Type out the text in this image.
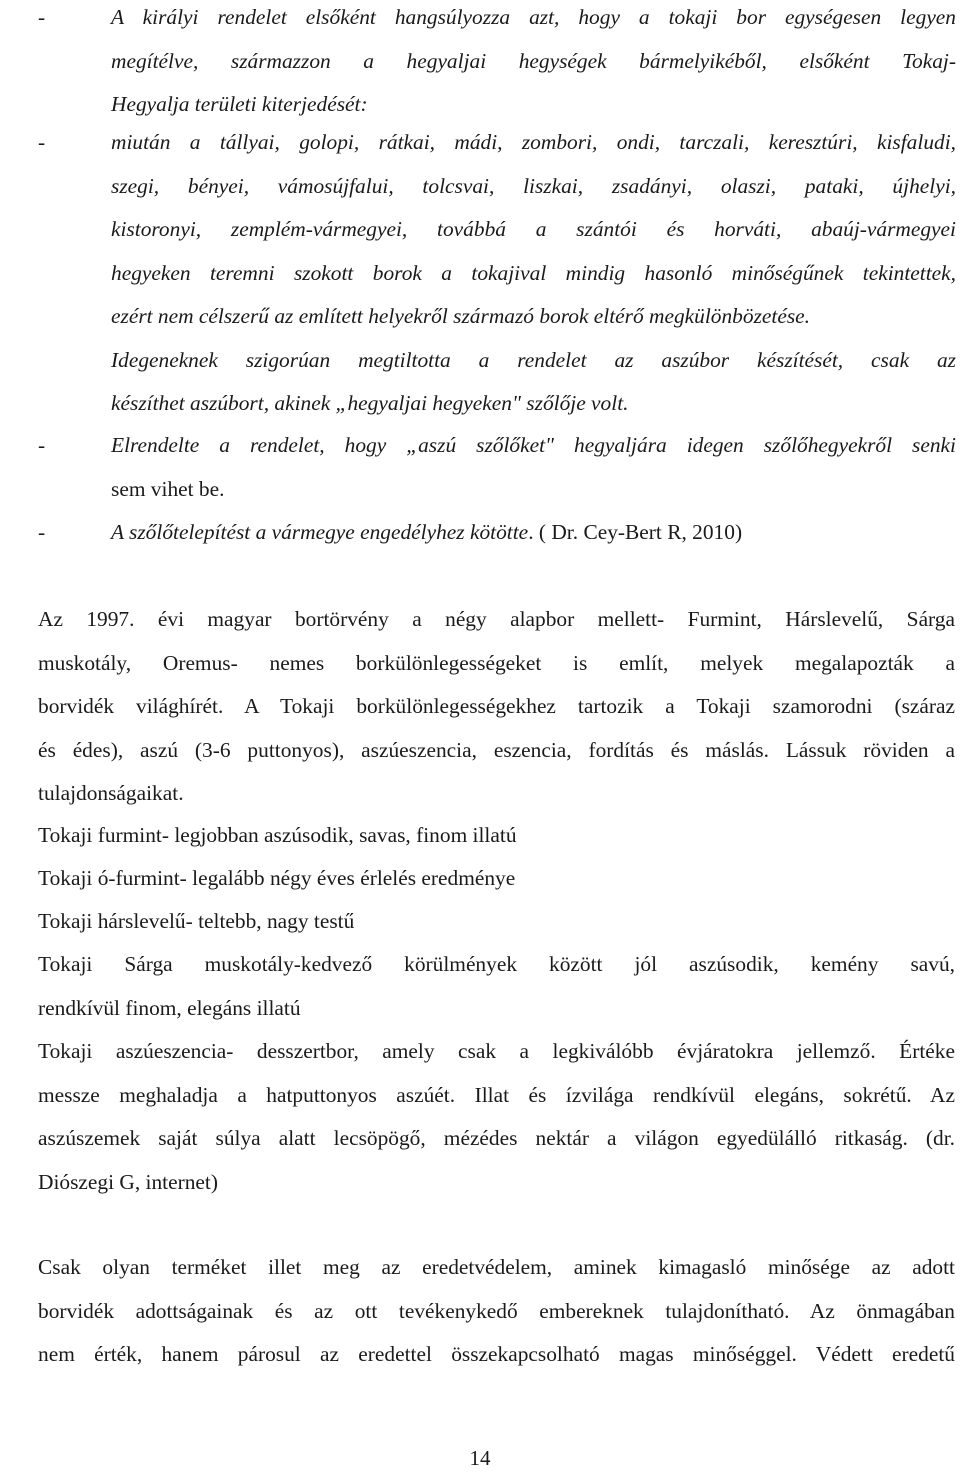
-	A királyi rendelet elsőként hangsúlyozza azt, hogy a tokaji bor egységesen legyen
megítélve, származzon a hegyaljai hegységek bármelyikéből, elsőként Tokaj-
Hegyalja területi kiterjedését:
-	miután a tállyai, golopi, rátkai, mádi, zombori, ondi, tarczali, keresztúri, kisfaludi,
szegi, bényei, vámosújfalui, tolcsvai, liszkai, zsadányi, olaszi, pataki, újhelyi,
kistoronyi, zemplém-vármegyei, továbbá a szántói és horváti, abaúj-vármegyei
hegyeken teremni szokott borok a tokajival mindig hasonló minőségűnek tekintettek,
ezért nem célszerű az említett helyekről származó borok eltérő megkülönbözetése.
Idegeneknek szigorúan megtiltotta a rendelet az aszúbor készítését, csak az
készíthet aszúbort, akinek „hegyaljai hegyeken" szőlője volt.
-	Elrendelte a rendelet, hogy „aszú szőlőket" hegyaljára idegen szőlőhegyekről senki
sem vihet be.
-	A szőlőtelepítést a vármegye engedélyhez kötötte. ( Dr. Cey-Bert R, 2010)
Az 1997. évi magyar bortörvény a négy alapbor mellett- Furmint, Hárslevelű, Sárga
muskotály, Oremus- nemes borkülönlegességeket is említ, melyek megalapozták a
borvidék világhírét. A Tokaji borkülönlegességekhez tartozik a Tokaji szamorodni (száraz
és édes), aszú (3-6 puttonyos), aszúeszencia, eszencia, fordítás és máslás. Lássuk röviden a
tulajdonságaikat.
Tokaji furmint- legjobban aszúsodik, savas, finom illatú
Tokaji ó-furmint- legalább négy éves érlelés eredménye
Tokaji hárslevelű- teltebb, nagy testű
Tokaji Sárga muskotály-kedvező körülmények között jól aszúsodik, kemény savú,
rendkívül finom, elegáns illatú
Tokaji aszúeszencia- desszertbor, amely csak a legkiválóbb évjáratokra jellemző. Értéke
messze meghaladja a hatputtonyos aszúét. Illat és ízvilága rendkívül elegáns, sokrétű. Az
aszúszemek saját súlya alatt lecsöpögő, mézédes nektár a világon egyedülálló ritkaság. (dr.
Diószegi G, internet)
Csak olyan terméket illet meg az eredetvédelem, aminek kimagasló minősége az adott
borvidék adottságainak és az ott tevékenykedő embereknek tulajdonítható. Az önmagában
nem érték, hanem párosul az eredettel összekapcsolható magas minőséggel. Védett eredetű
14
